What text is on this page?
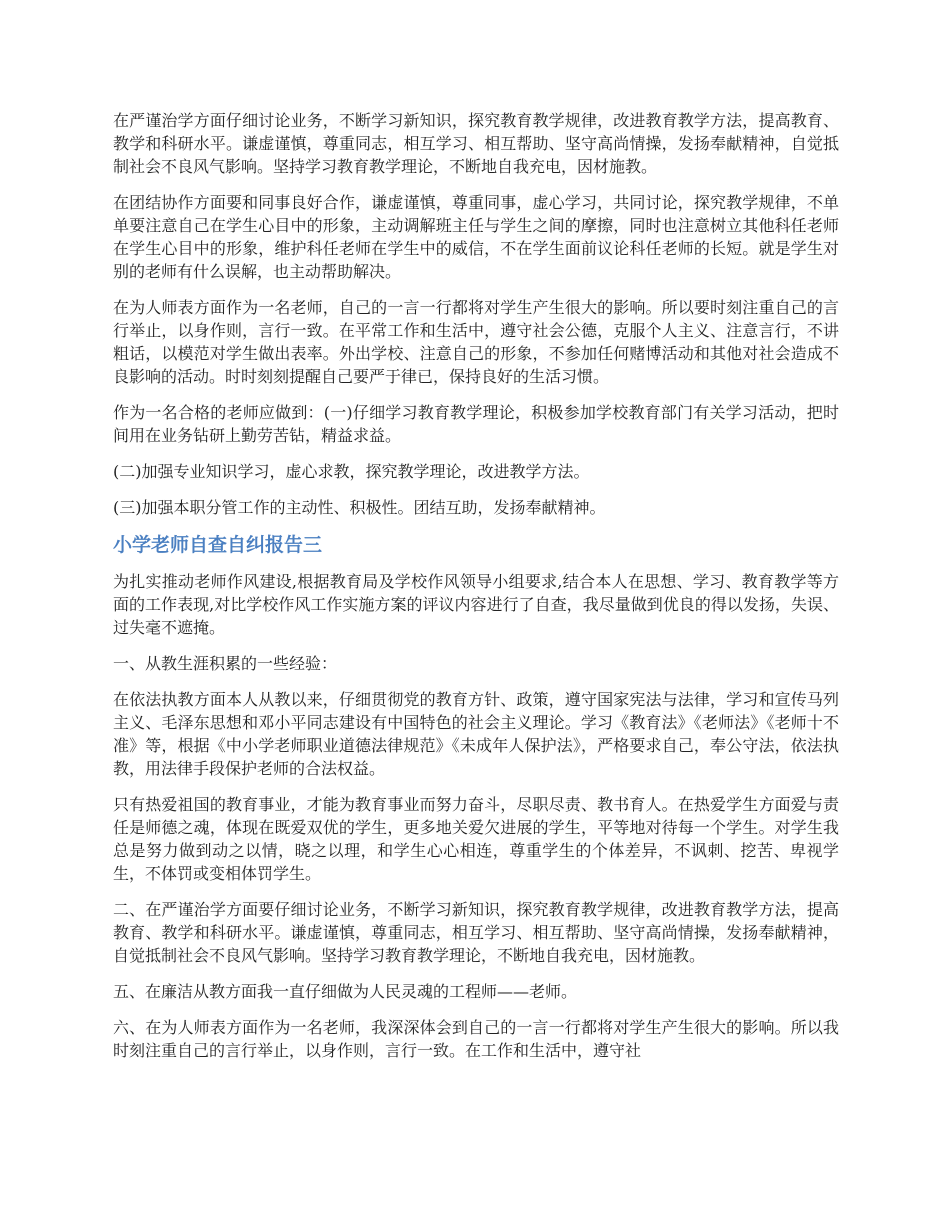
在严谨治学方面仔细讨论业务，不断学习新知识，探究教育教学规律，改进教育教学方法，提高教育、教学和科研水平。谦虚谨慎，尊重同志，相互学习、相互帮助、坚守高尚情操，发扬奉献精神，自觉抵制社会不良风气影响。坚持学习教育教学理论，不断地自我充电，因材施教。

在团结协作方面要和同事良好合作，谦虚谨慎，尊重同事，虚心学习，共同讨论，探究教学规律，不单单要注意自己在学生心目中的形象，主动调解班主任与学生之间的摩擦，同时也注意树立其他科任老师在学生心目中的形象，维护科任老师在学生中的威信，不在学生面前议论科任老师的长短。就是学生对别的老师有什么误解，也主动帮助解决。

在为人师表方面作为一名老师，自己的一言一行都将对学生产生很大的影响。所以要时刻注重自己的言行举止，以身作则，言行一致。在平常工作和生活中，遵守社会公德，克服个人主义、注意言行，不讲粗话，以模范对学生做出表率。外出学校、注意自己的形象，不参加任何赌博活动和其他对社会造成不良影响的活动。时时刻刻提醒自己要严于律已，保持良好的生活习惯。

作为一名合格的老师应做到：(一)仔细学习教育教学理论，积极参加学校教育部门有关学习活动，把时间用在业务钻研上勤劳苦钻，精益求益。

(二)加强专业知识学习，虚心求教，探究教学理论，改进教学方法。

(三)加强本职分管工作的主动性、积极性。团结互助，发扬奉献精神。

小学老师自查自纠报告三

为扎实推动老师作风建设,根据教育局及学校作风领导小组要求,结合本人在思想、学习、教育教学等方面的工作表现,对比学校作风工作实施方案的评议内容进行了自查，我尽量做到优良的得以发扬，失误、过失毫不遮掩。

一、从教生涯积累的一些经验：

在依法执教方面本人从教以来，仔细贯彻党的教育方针、政策，遵守国家宪法与法律，学习和宣传马列主义、毛泽东思想和邓小平同志建设有中国特色的社会主义理论。学习《教育法》《老师法》《老师十不准》等，根据《中小学老师职业道德法律规范》《未成年人保护法》，严格要求自己，奉公守法，依法执教，用法律手段保护老师的合法权益。

只有热爱祖国的教育事业，才能为教育事业而努力奋斗，尽职尽责、教书育人。在热爱学生方面爱与责任是师德之魂，体现在既爱双优的学生，更多地关爱欠进展的学生，平等地对待每一个学生。对学生我总是努力做到动之以情，晓之以理，和学生心心相连，尊重学生的个体差异，不讽刺、挖苦、卑视学生，不体罚或变相体罚学生。

二、在严谨治学方面要仔细讨论业务，不断学习新知识，探究教育教学规律，改进教育教学方法，提高教育、教学和科研水平。谦虚谨慎，尊重同志，相互学习、相互帮助、坚守高尚情操，发扬奉献精神，自觉抵制社会不良风气影响。坚持学习教育教学理论，不断地自我充电，因材施教。

五、在廉洁从教方面我一直仔细做为人民灵魂的工程师——老师。

六、在为人师表方面作为一名老师，我深深体会到自己的一言一行都将对学生产生很大的影响。所以我时刻注重自己的言行举止，以身作则，言行一致。在工作和生活中，遵守社
